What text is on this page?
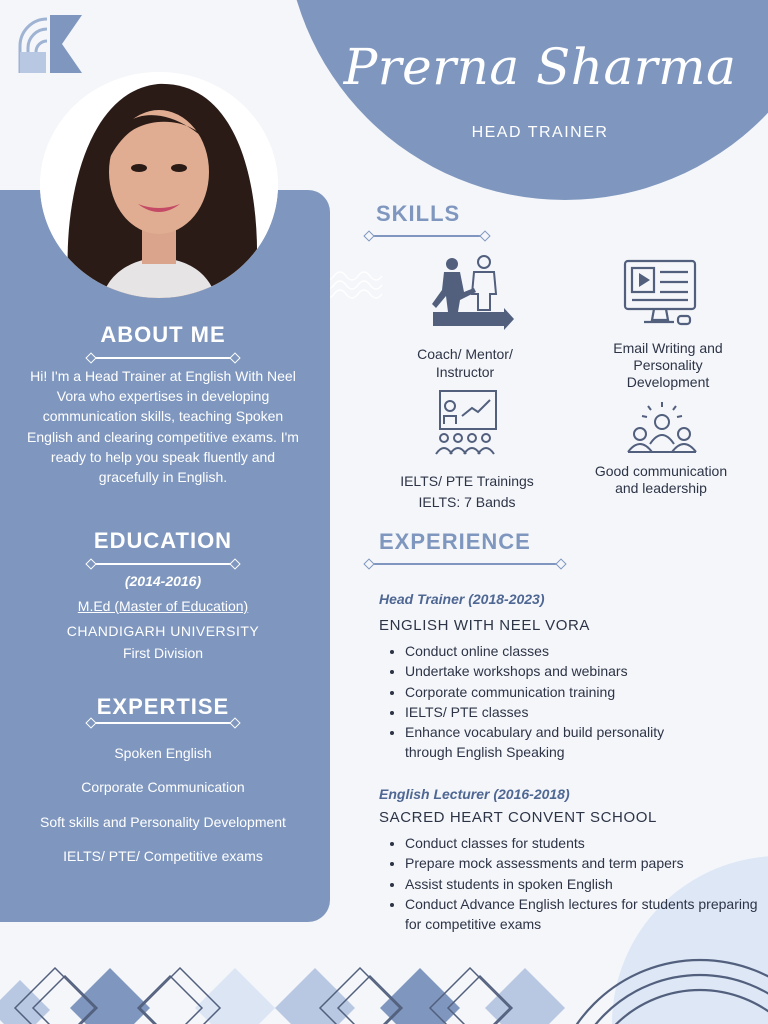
HEAD TRAINER
Prerna Sharma
ABOUT ME
Hi! I'm a Head Trainer at English With Neel Vora who expertises in developing communication skills, teaching Spoken English and clearing competitive exams. I'm ready to help you speak fluently and gracefully in English.
EDUCATION
(2014-2016)
M.Ed (Master of Education)
CHANDIGARH UNIVERSITY
First Division
EXPERTISE
Spoken English
Corporate Communication
Soft skills and Personality Development
IELTS/ PTE/ Competitive exams
SKILLS
Coach/ Mentor/
Instructor
Email Writing and
Personality
Development
IELTS/ PTE Trainings
IELTS: 7 Bands
Good communication
and leadership
EXPERIENCE
Head Trainer (2018-2023)
ENGLISH WITH NEEL VORA
• Conduct online classes
• Undertake workshops and webinars
• Corporate communication training
• IELTS/ PTE classes
• Enhance vocabulary and build personality through English Speaking
English Lecturer (2016-2018)
SACRED HEART CONVENT SCHOOL
• Conduct classes for students
• Prepare mock assessments and term papers
• Assist students in spoken English
• Conduct Advance English lectures for students preparing for competitive exams
